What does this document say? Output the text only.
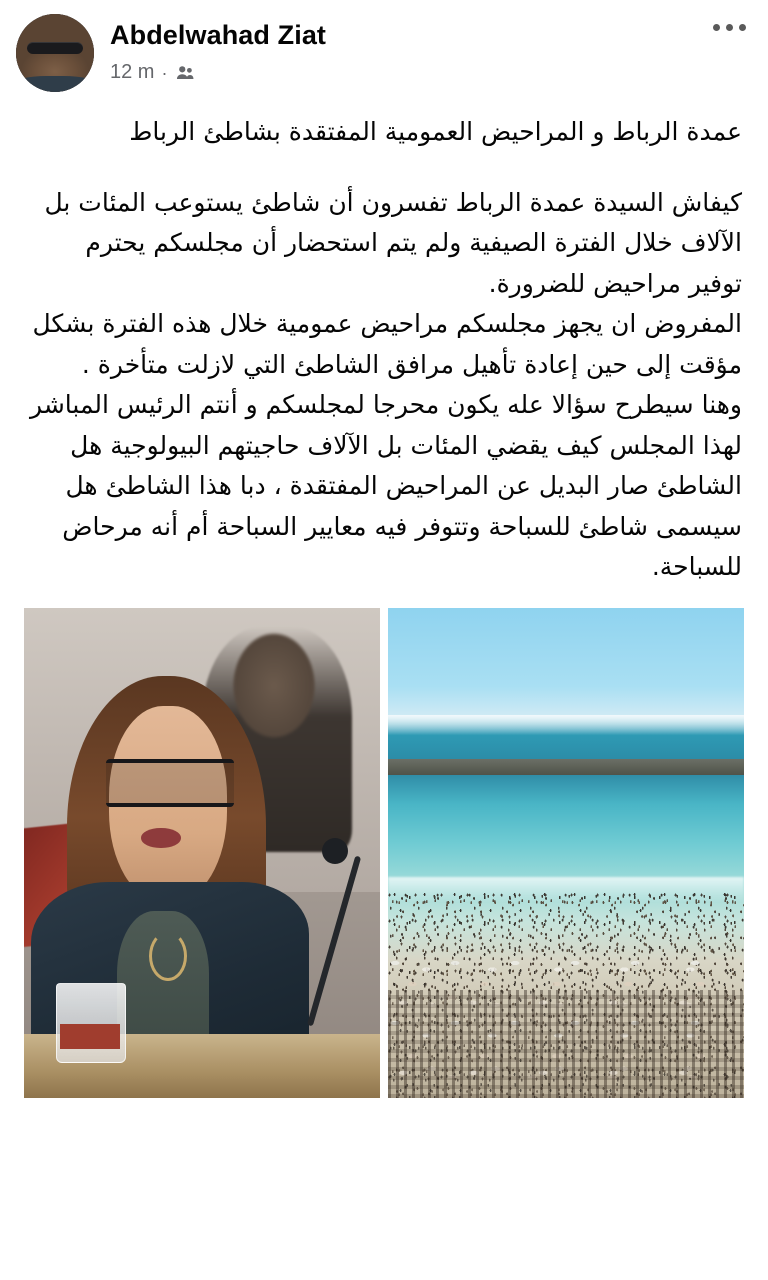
Abdelwahad Ziat
12 m ·

عمدة الرباط و المراحيض العمومية المفتقدة بشاطئ الرباط

كيفاش السيدة عمدة الرباط تفسرون أن شاطئ يستوعب المئات بل الآلاف خلال الفترة الصيفية ولم يتم استحضار أن مجلسكم يحترم توفير مراحيض للضرورة.

المفروض ان يجهز مجلسكم مراحيض عمومية خلال هذه الفترة بشكل مؤقت إلى حين إعادة تأهيل مرافق الشاطئ التي لازلت متأخرة .

وهنا سيطرح سؤالا عله يكون محرجا لمجلسكم و أنتم الرئيس المباشر لهذا المجلس كيف يقضي المئات بل الآلاف حاجيتهم البيولوجية هل الشاطئ صار البديل عن المراحيض المفتقدة ، دبا هذا الشاطئ هل سيسمى شاطئ للسباحة وتتوفر فيه معايير السباحة أم أنه مرحاض للسباحة.
